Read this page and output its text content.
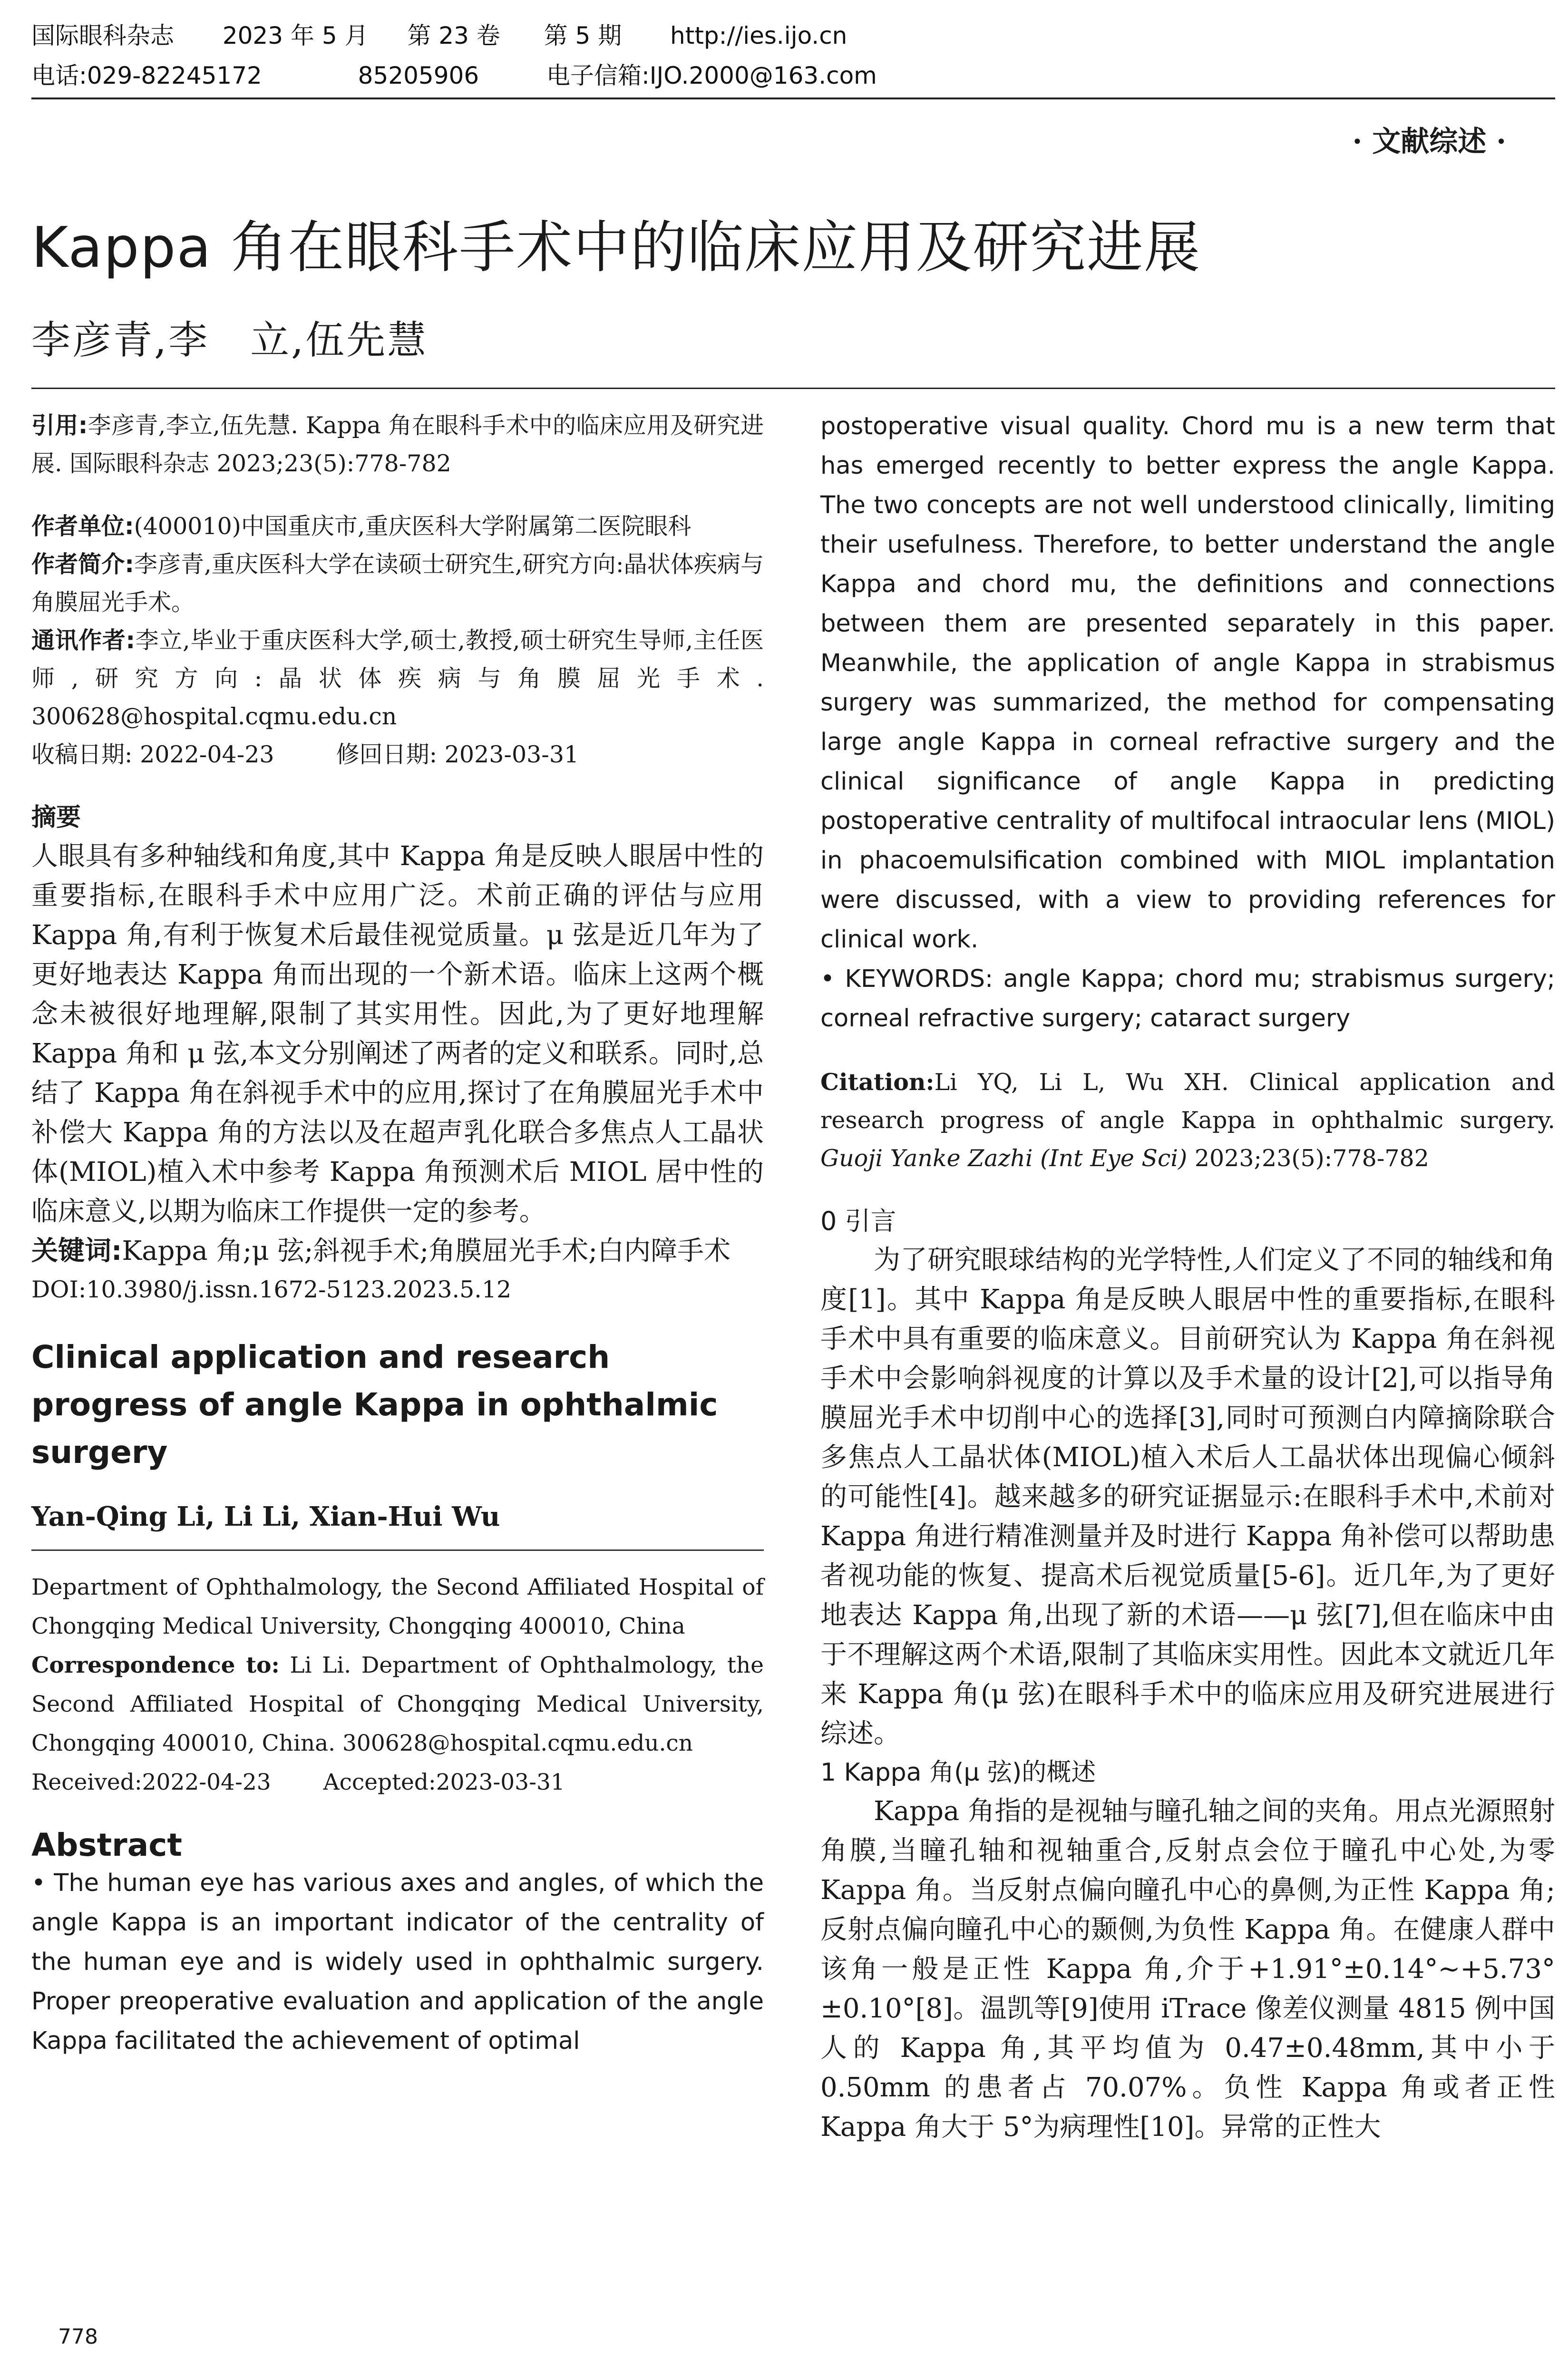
国际眼科杂志 2023 年 5 月 第 23 卷 第 5 期 http://ies.ijo.cn
电话:029-82245172	85205906	电子信箱:IJO.2000@163.com
· 文献综述 ·
Kappa 角在眼科手术中的临床应用及研究进展
李彦青,李　立,伍先慧

引用:李彦青,李立,伍先慧. Kappa 角在眼科手术中的临床应用及研究进展. 国际眼科杂志 2023;23(5):778-782

作者单位:(400010)中国重庆市,重庆医科大学附属第二医院眼科

作者简介:李彦青,重庆医科大学在读硕士研究生,研究方向:晶状体疾病与角膜屈光手术。

通讯作者:李立,毕业于重庆医科大学,硕士,教授,硕士研究生导师,主任医师,研究方向:晶状体疾病与角膜屈光手术. 300628@hospital.cqmu.edu.cn

收稿日期: 2022-04-23	修回日期: 2023-03-31

摘要

人眼具有多种轴线和角度,其中 Kappa 角是反映人眼居中性的重要指标,在眼科手术中应用广泛。术前正确的评估与应用 Kappa 角,有利于恢复术后最佳视觉质量。μ 弦是近几年为了更好地表达 Kappa 角而出现的一个新术语。临床上这两个概念未被很好地理解,限制了其实用性。因此,为了更好地理解 Kappa 角和 μ 弦,本文分别阐述了两者的定义和联系。同时,总结了 Kappa 角在斜视手术中的应用,探讨了在角膜屈光手术中补偿大 Kappa 角的方法以及在超声乳化联合多焦点人工晶状体(MIOL)植入术中参考 Kappa 角预测术后 MIOL 居中性的临床意义,以期为临床工作提供一定的参考。

关键词:Kappa 角;μ 弦;斜视手术;角膜屈光手术;白内障手术

DOI:10.3980/j.issn.1672-5123.2023.5.12

Clinical application and research progress of angle Kappa in ophthalmic surgery

Yan-Qing Li, Li Li, Xian-Hui Wu

Department of Ophthalmology, the Second Affiliated Hospital of Chongqing Medical University, Chongqing 400010, China

Correspondence to: Li Li. Department of Ophthalmology, the Second Affiliated Hospital of Chongqing Medical University, Chongqing 400010, China. 300628@hospital.cqmu.edu.cn

Received:2022-04-23 Accepted:2023-03-31

Abstract

• The human eye has various axes and angles, of which the angle Kappa is an important indicator of the centrality of the human eye and is widely used in ophthalmic surgery. Proper preoperative evaluation and application of the angle Kappa facilitated the achievement of optimal

postoperative visual quality. Chord mu is a new term that has emerged recently to better express the angle Kappa. The two concepts are not well understood clinically, limiting their usefulness. Therefore, to better understand the angle Kappa and chord mu, the definitions and connections between them are presented separately in this paper. Meanwhile, the application of angle Kappa in strabismus surgery was summarized, the method for compensating large angle Kappa in corneal refractive surgery and the clinical significance of angle Kappa in predicting postoperative centrality of multifocal intraocular lens (MIOL) in phacoemulsification combined with MIOL implantation were discussed, with a view to providing references for clinical work.

• KEYWORDS: angle Kappa; chord mu; strabismus surgery; corneal refractive surgery; cataract surgery

Citation:Li YQ, Li L, Wu XH. Clinical application and research progress of angle Kappa in ophthalmic surgery. Guoji Yanke Zazhi (Int Eye Sci) 2023;23(5):778-782

0 引言

为了研究眼球结构的光学特性,人们定义了不同的轴线和角度[1]。其中 Kappa 角是反映人眼居中性的重要指标,在眼科手术中具有重要的临床意义。目前研究认为 Kappa 角在斜视手术中会影响斜视度的计算以及手术量的设计[2],可以指导角膜屈光手术中切削中心的选择[3],同时可预测白内障摘除联合多焦点人工晶状体(MIOL)植入术后人工晶状体出现偏心倾斜的可能性[4]。越来越多的研究证据显示:在眼科手术中,术前对 Kappa 角进行精准测量并及时进行 Kappa 角补偿可以帮助患者视功能的恢复、提高术后视觉质量[5-6]。近几年,为了更好地表达 Kappa 角,出现了新的术语——μ 弦[7],但在临床中由于不理解这两个术语,限制了其临床实用性。因此本文就近几年来 Kappa 角(μ 弦)在眼科手术中的临床应用及研究进展进行综述。

1 Kappa 角(μ 弦)的概述

Kappa 角指的是视轴与瞳孔轴之间的夹角。用点光源照射角膜,当瞳孔轴和视轴重合,反射点会位于瞳孔中心处,为零 Kappa 角。当反射点偏向瞳孔中心的鼻侧,为正性 Kappa 角;反射点偏向瞳孔中心的颞侧,为负性 Kappa 角。在健康人群中该角一般是正性 Kappa 角,介于+1.91°±0.14°~+5.73°±0.10°[8]。温凯等[9]使用 iTrace 像差仪测量 4815 例中国人的 Kappa 角,其平均值为 0.47±0.48mm,其中小于 0.50mm 的患者占 70.07%。负性 Kappa 角或者正性 Kappa 角大于 5°为病理性[10]。异常的正性大

778
